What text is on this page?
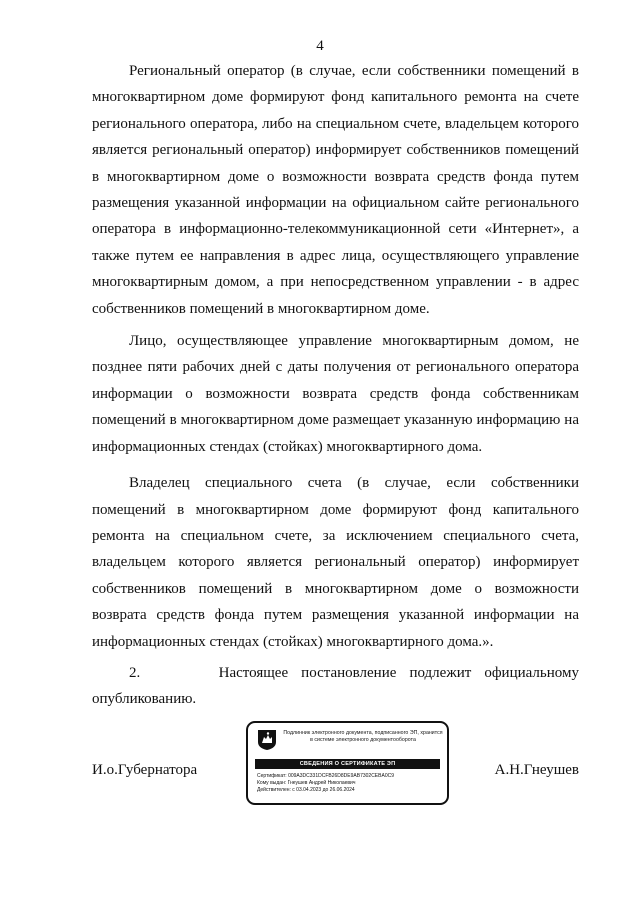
4

Региональный оператор (в случае, если собственники помещений в многоквартирном доме формируют фонд капитального ремонта на счете регионального оператора, либо на специальном счете, владельцем которого является региональный оператор) информирует собственников помещений в многоквартирном доме о возможности возврата средств фонда путем размещения указанной информации на официальном сайте регионального оператора в информационно-телекоммуникационной сети «Интернет», а также путем ее направления в адрес лица, осуществляющего управление многоквартирным домом, а при непосредственном управлении - в адрес собственников помещений в многоквартирном доме.

Лицо, осуществляющее управление многоквартирным домом, не позднее пяти рабочих дней с даты получения от регионального оператора информации о возможности возврата средств фонда собственникам помещений в многоквартирном доме размещает указанную информацию на информационных стендах (стойках) многоквартирного дома.

Владелец специального счета (в случае, если собственники помещений в многоквартирном доме формируют фонд капитального ремонта на специальном счете, за исключением специального счета, владельцем которого является региональный оператор) информирует собственников помещений в многоквартирном доме о возможности возврата средств фонда путем размещения указанной информации на информационных стендах (стойках) многоквартирного дома.».

2.      Настоящее постановление подлежит официальному опубликованию.

И.о.Губернатора	А.Н.Гнеушев
Подлинник электронного документа, подписанного ЭП, хранится в системе электронного документооборота
СВЕДЕНИЯ О СЕРТИФИКАТЕ ЭП
Сертификат: 009A3DC331DCFB26D8DE9AB7302CEBA0C9
Кому выдан: Гнеушев Андрей Николаевич
Действителен: с 03.04.2023 до 26.06.2024
